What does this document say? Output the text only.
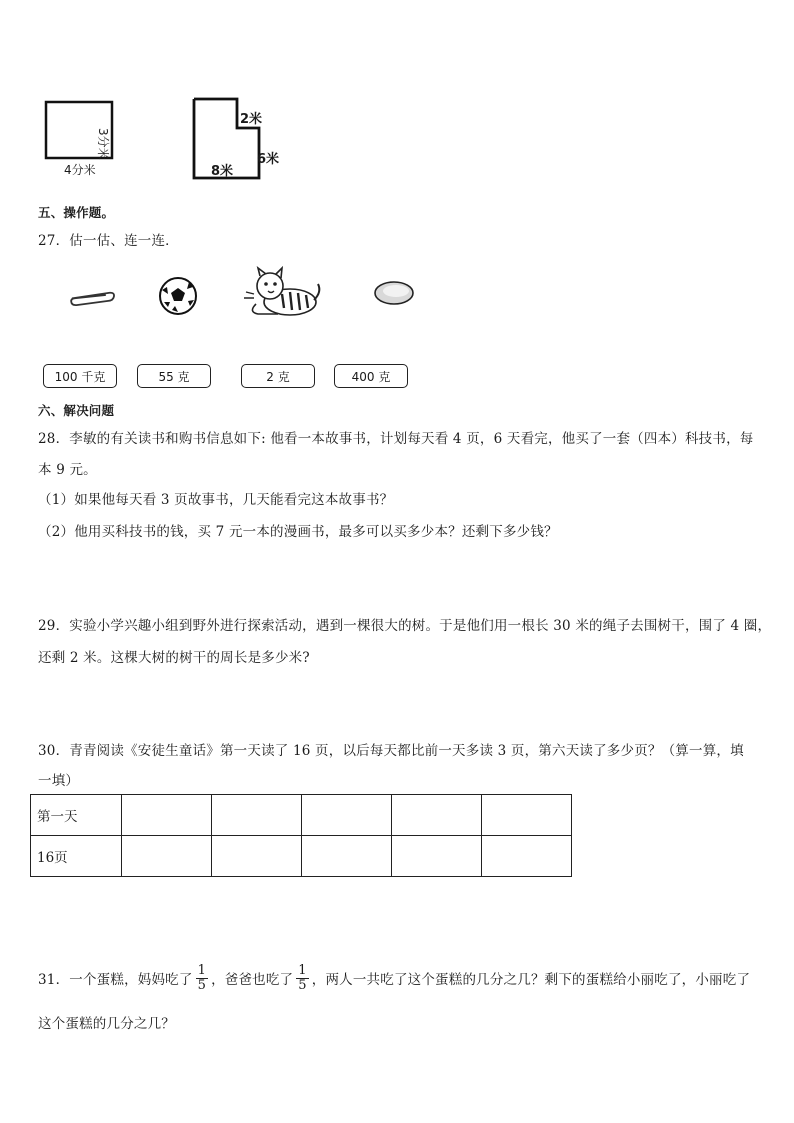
3分米
4分米
2米
8米
6米
五、操作题。
27．估一估、连一连．
100 千克	55 克	2 克	400 克
六、解决问题
28．李敏的有关读书和购书信息如下: 他看一本故事书，计划每天看 4 页，6 天看完，他买了一套（四本）科技书，每
本 9 元。
（1）如果他每天看 3 页故事书，几天能看完这本故事书？
（2）他用买科技书的钱，买 7 元一本的漫画书，最多可以买多少本？还剩下多少钱？
29．实验小学兴趣小组到野外进行探索活动，遇到一棵很大的树。于是他们用一根长 30 米的绳子去围树干，围了 4 圈，
还剩 2 米。这棵大树的树干的周长是多少米?
30．青青阅读《安徒生童话》第一天读了 16 页，以后每天都比前一天多读 3 页，第六天读了多少页？（算一算，填
一填）
第一天					
16页					
31．一个蛋糕，妈妈吃了 $\frac{1}{5}$ ，爸爸也吃了 $\frac{1}{5}$ ，两人一共吃了这个蛋糕的几分之几？剩下的蛋糕给小丽吃了，小丽吃了
这个蛋糕的几分之几？
